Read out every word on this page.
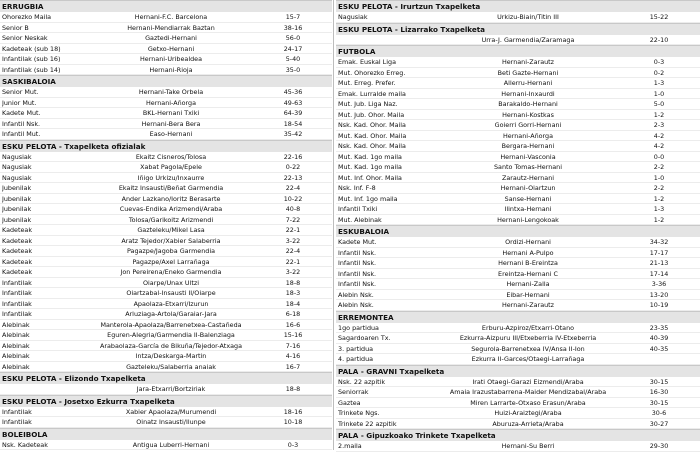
ERRUGBIA
Ohorezko Maila	Hernani-F.C. Barcelona	15-7
Senior B	Hernani-Mendiarrak Baztan	38-16
Senior Neskak	Gaztedi-Hernani	56-0
Kadeteak (sub 18)	Getxo-Hernani	24-17
Infantilak (sub 16)	Hernani-Uribealdea	5-40
Infantilak (sub 14)	Hernani-Rioja	35-0
SASKIBALOIA
Senior Mut.	Hernani-Take Orbela	45-36
Junior Mut.	Hernani-Añorga	49-63
Kadete Mut.	BKL-Hernani Txiki	64-39
Infantil Nsk.	Hernani-Bera Bera	18-54
Infantil Mut.	Easo-Hernani	35-42
ESKU PELOTA - Txapelketa ofizialak
Nagusiak	Ekaitz Cisneros/Tolosa	22-16
Nagusiak	Xabat Pagola/Epele	0-22
Nagusiak	Iñigo Urkizu/Inxaurre	22-13
Jubenilak	Ekaitz Insausti/Beñat Garmendia	22-4
Jubenilak	Ander Lazkano/Ioritz Berasarte	10-22
Jubenilak	Cuevas-Endika Arizmendi/Araba	40-8
Jubenilak	Tolosa/Garikoitz Arizmendi	7-22
Kadeteak	Gazteleku/Mikel Lasa	22-1
Kadeteak	Aratz Tejedor/Xabier Salaberria	3-22
Kadeteak	Pagazpe/Jagoba Garmendia	22-4
Kadeteak	Pagazpe/Axel Larrañaga	22-1
Kadeteak	Jon Pereirena/Eneko Garmendia	3-22
Infantilak	Oiarpe/Unax Ultzi	18-8
Infantilak	Oiartzabal-Insausti II/Oiarpe	18-3
Infantilak	Apaolaza-Etxarri/Izurun	18-4
Infantilak	Arluziaga-Artola/Garaiar-Jara	6-18
Alebinak	Manterola-Apaolaza/Barrenetxea-Castañeda	16-6
Alebinak	Eguren-Alegria/Garmendia II-Balenziaga	15-16
Alebinak	Arabaolaza-García de Bikuña/Tejedor-Atxaga	7-16
Alebinak	Intza/Deskarga-Martin	4-16
Alebinak	Gazteleku/Salaberria anaiak	16-7
ESKU PELOTA - Elizondo Txapelketa
Jara-Etxarri/Bortziriak	18-8
ESKU PELOTA - Josetxo Ezkurra Txapelketa
Infantilak	Xabier Apaolaza/Murumendi	18-16
Infantilak	Oinatz Insausti/Ilunpe	10-18
BOLEIBOLA
Nsk. Kadeteak	Antigua Luberri-Hernani	0-3
ESKU PELOTA - Irurtzun Txapelketa
Nagusiak	Urkizu-Biain/Titin III	15-22
ESKU PELOTA - Lizarrako Txapelketa
Urra-J. Garmendia/Zaramaga	22-10
FUTBOLA
Emak. Euskal Liga	Hernani-Zarautz	0-3
Mut. Ohorezko Erreg.	Beti Gazte-Hernani	0-2
Mut. Erreg. Prefer.	Allerru-Hernani	1-3
Emak. Lurralde maila	Hernani-Inxaurdi	1-0
Mut. Jub. Liga Naz.	Barakaldo-Hernani	5-0
Mut. Jub. Ohor. Maila	Hernani-Kostkas	1-2
Nsk. Kad. Ohor. Maila	Goierri Gorri-Hernani	2-3
Mut. Kad. Ohor. Maila	Hernani-Añorga	4-2
Nsk. Kad. Ohor. Maila	Bergara-Hernani	4-2
Mut. Kad. 1go maila	Hernani-Vasconia	0-0
Mut. Kad. 1go maila	Santo Tomas-Hernani	2-2
Mut. Inf. Ohor. Maila	Zarautz-Hernani	1-0
Nsk. Inf. F-8	Hernani-Oiartzun	2-2
Mut. Inf. 1go maila	Sanse-Hernani	1-2
Infantil Txiki	Ilintxa-Hernani	1-3
Mut. Alebinak	Hernani-Lengokoak	1-2
ESKUBALOIA
Kadete Mut.	Ordizi-Hernani	34-32
Infantil Nsk.	Hernani A-Pulpo	17-17
Infantil Nsk.	Hernani B-Ereintza	21-13
Infantil Nsk.	Ereintza-Hernani C	17-14
Infantil Nsk.	Hernani-Zalla	3-36
Alebin Nsk.	Eibar-Hernani	13-20
Alebin Nsk.	Hernani-Zarautz	10-19
ERREMONTEA
1go partidua	Erburu-Azpiroz/Etxarri-Otano	23-35
Sagardoaren Tx.	Ezkurra-Aizpuru III/Etxeberria IV-Etxeberria	40-39
3. partidua	Segurola-Barrenetxea IV/Ansa II-Ion	40-35
4. partidua	Ezkurra II-Garces/Otaegi-Larrañaga
PALA - GRAVNI Txapelketa
Nsk. 22 azpitik	Irati Otaegi-Garazi Eizmendi/Araba	30-15
Seniorrak	Amaia Irazustabarrena-Maider Mendizabal/Araba	16-30
Gaztea	Miren Larrarte-Otxaso Erasun/Araba	30-15
Trinkete Ngs.	Huizi-Araiztegi/Araba	30-6
Trinkete 22 azpitik	Aburuza-Arrieta/Araba	30-27
PALA - Gipuzkoako Trinkete Txapelketa
2.maila	Hernani-Su Berri	29-30
